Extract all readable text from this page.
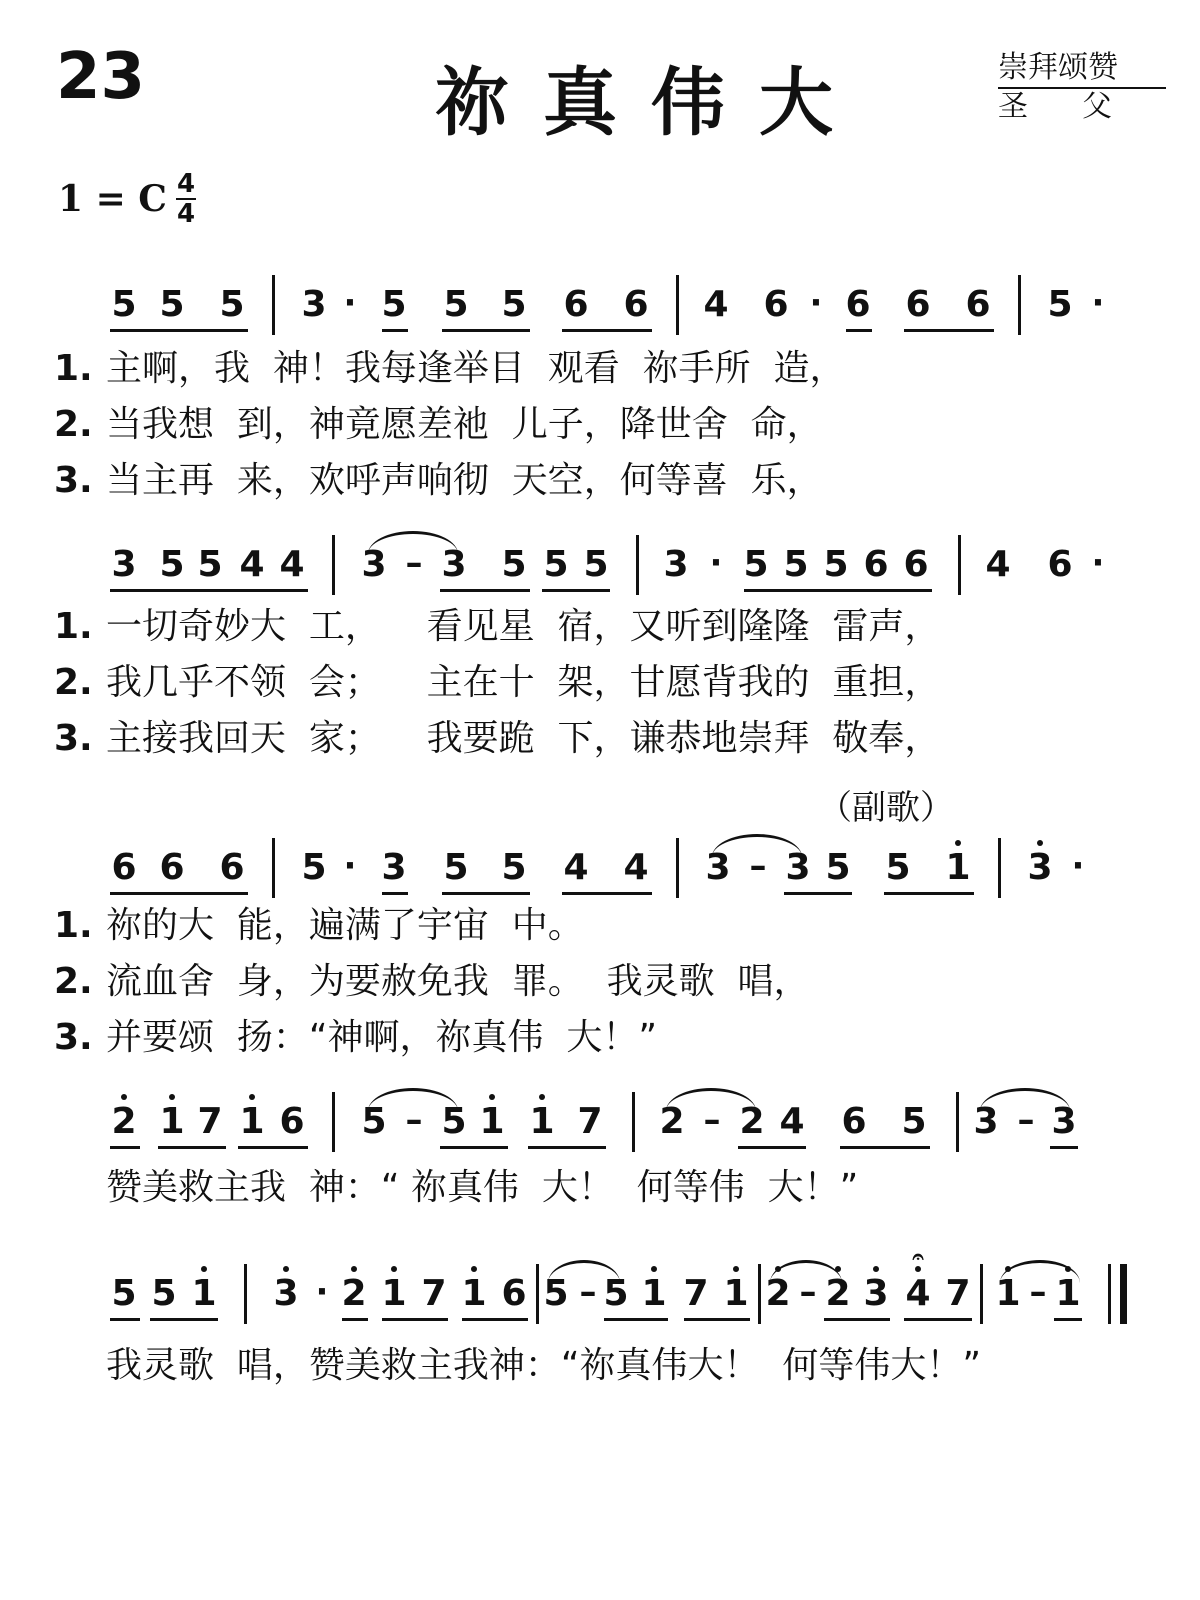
23	祢真伟大	崇拜颂赞
圣父
1 = C 4
4
5 5 5 3 · 5 5 5 6 6 4 6 · 6 6 6 5 ·
1. 主啊，我  神！我每逢举目  观看  祢手所  造，
2. 当我想  到，神竟愿差祂  儿子，降世舍  命，
3. 当主再  来，欢呼声响彻  天空，何等喜  乐，
3 5 5 4 4 3 – 3 5 5 5 3 · 5 5 5 6 6 4 6 ·
1. 一切奇妙大  工，    看见星  宿，又听到隆隆  雷声，
2. 我几乎不领  会；    主在十  架，甘愿背我的  重担，
3. 主接我回天  家；    我要跪  下，谦恭地崇拜  敬奉，
（副歌）
6 6 6 5 · 3 5 5 4 4 3 – 3 5 5 1 3 ·
1. 祢的大  能，遍满了宇宙  中。
2. 流血舍  身，为要赦免我  罪。  我灵歌  唱，
3. 并要颂  扬：“神啊，祢真伟  大！”
2 1 7 1 6 5 – 5 1 1 7 2 – 2 4 6 5 3 – 3
赞美救主我  神：“ 祢真伟  大！  何等伟  大！”
5 5 1 3 · 2 1 7 1 6 5 – 5 1 7 1 2 – 2 3 4
𝄐
7 1 – 1
我灵歌  唱，赞美救主我神：“祢真伟大！  何等伟大！”
